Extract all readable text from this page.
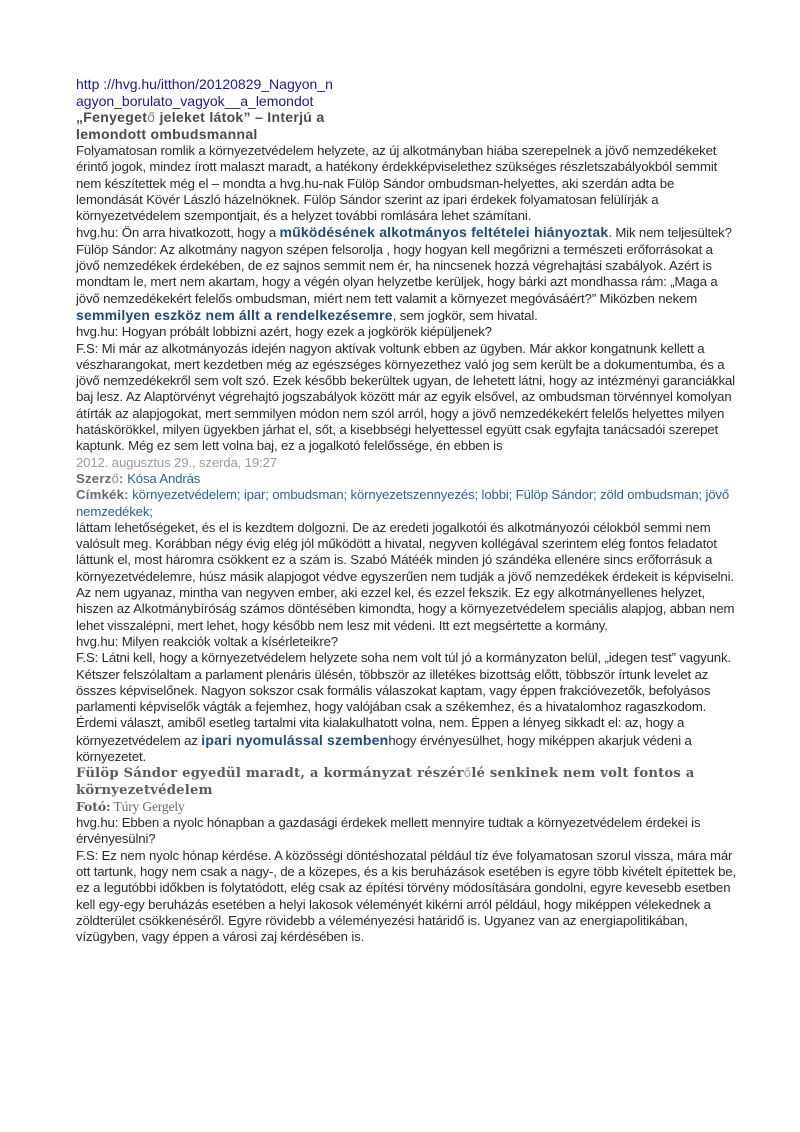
http ://hvg.hu/itthon/20120829_Nagyon_n
agyon_borulato_vagyok__a_lemondot
„Fenyegető jeleket látok” – Interjú a lemondott ombudsmannal

Folyamatosan romlik a környezetvédelem helyzete, az új alkotmányban hiába szerepelnek a jövő nemzedékeket érintő jogok, mindez írott malaszt maradt, a hatékony érdekképviselethez szükséges részletszabályokból semmit nem készítettek még el – mondta a hvg.hu-nak Fülöp Sándor ombudsman-helyettes, aki szerdán adta be lemondását Kövér László házelnöknek. Fülöp Sándor szerint az ipari érdekek folyamatosan felülírják a környezetvédelem szempontjait, és a helyzet további romlására lehet számítani.

hvg.hu: Ön arra hivatkozott, hogy a működésének alkotmányos feltételei hiányoztak. Mik nem teljesültek?

Fülöp Sándor: Az alkotmány nagyon szépen felsorolja , hogy hogyan kell megőrizni a természeti erőforrásokat a jövő nemzedékek érdekében, de ez sajnos semmit nem ér, ha nincsenek hozzá végrehajtási szabályok. Azért is mondtam le, mert nem akartam, hogy a végén olyan helyzetbe kerüljek, hogy bárki azt mondhassa rám: „Maga a jövő nemzedékekért felelős ombudsman, miért nem tett valamit a környezet megóvásáért?” Miközben nekem semmilyen eszköz nem állt a rendelkezésemre, sem jogkör, sem hivatal.

hvg.hu: Hogyan próbált lobbizni azért, hogy ezek a jogkörök kiépüljenek?

F.S: Mi már az alkotmányozás idején nagyon aktívak voltunk ebben az ügyben. Már akkor kongatnunk kellett a vészharangokat, mert kezdetben még az egészséges környezethez való jog sem került be a dokumentumba, és a jövő nemzedékekről sem volt szó. Ezek később bekerültek ugyan, de lehetett látni, hogy az intézményi garanciákkal baj lesz. Az Alaptörvényt végrehajtó jogszabályok között már az egyik elsővel, az ombudsman törvénnyel komolyan átírták az alapjogokat, mert semmilyen módon nem szól arról, hogy a jövő nemzedékekért felelős helyettes milyen hatáskörökkel, milyen ügyekben járhat el, sőt, a kisebbségi helyettessel együtt csak egyfajta tanácsadói szerepet kaptunk. Még ez sem lett volna baj, ez a jogalkotó felelőssége, én ebben is

2012. augusztus 29., szerda, 19:27
Szerző: Kósa András
Címkék: környezetvédelem; ipar; ombudsman; környezetszennyezés; lobbi; Fülöp Sándor; zöld ombudsman; jövő nemzedékek;

láttam lehetőségeket, és el is kezdtem dolgozni. De az eredeti jogalkotói és alkotmányozói célokból semmi nem valósult meg. Korábban négy évig elég jól működött a hivatal, negyven kollégával szerintem elég fontos feladatot láttunk el, most háromra csökkent ez a szám is. Szabó Mátéék minden jó szándéka ellenére sincs erőforrásuk a környezetvédelemre, húsz másik alapjogot védve egyszerűen nem tudják a jövő nemzedékek érdekeit is képviselni. Az nem ugyanaz, mintha van negyven ember, aki ezzel kel, és ezzel fekszik. Ez egy alkotmányellenes helyzet, hiszen az Alkotmánybíróság számos döntésében kimondta, hogy a környezetvédelem speciális alapjog, abban nem lehet visszalépni, mert lehet, hogy később nem lesz mit védeni. Itt ezt megsértette a kormány.

hvg.hu: Milyen reakciók voltak a kísérleteikre?

F.S: Látni kell, hogy a környezetvédelem helyzete soha nem volt túl jó a kormányzaton belül, „idegen test” vagyunk. Kétszer felszólaltam a parlament plenáris ülésén, többször az illetékes bizottság előtt, többször írtunk levelet az összes képviselőnek. Nagyon sokszor csak formális válaszokat kaptam, vagy éppen frakcióvezetők, befolyásos parlamenti képviselők vágták a fejemhez, hogy valójában csak a székemhez, és a hivatalomhoz ragaszkodom. Érdemi választ, amiből esetleg tartalmi vita kialakulhatott volna, nem. Éppen a lényeg sikkadt el: az, hogy a környezetvédelem az ipari nyomulással szembenhogy érvényesülhet, hogy miképpen akarjuk védeni a környezetet.

Fülöp Sándor egyedül maradt, a kormányzat részérőlé senkinek nem volt fontos a környezetvédelem
Fotó: Túry Gergely

hvg.hu: Ebben a nyolc hónapban a gazdasági érdekek mellett mennyire tudtak a környezetvédelem érdekei is érvényesülni?

F.S: Ez nem nyolc hónap kérdése. A közösségi döntéshozatal például tíz éve folyamatosan szorul vissza, mára már ott tartunk, hogy nem csak a nagy-, de a közepes, és a kis beruházások esetében is egyre több kivételt építettek be, ez a legutóbbi időkben is folytatódott, elég csak az építési törvény módosítására gondolni, egyre kevesebb esetben kell egy-egy beruházás esetében a helyi lakosok véleményét kikérni arról például, hogy miképpen vélekednek a zöldterület csökkenéséről. Egyre rövidebb a véleményezési határidő is. Ugyanez van az energiapolitikában, vízügyben, vagy éppen a városi zaj kérdésében is.
